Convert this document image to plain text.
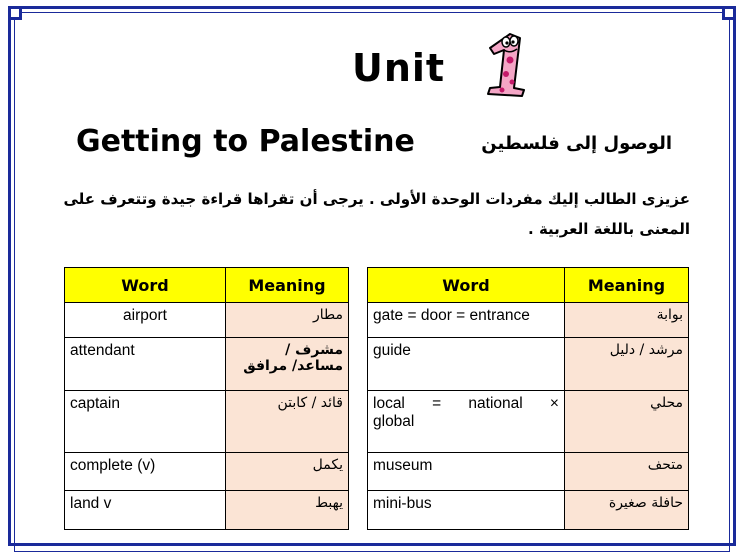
Unit
Getting to Palestine	الوصول إلى فلسطين
عزيزى الطالب إليك مفردات الوحدة الأولى . يرجى أن تقراها قراءة جيدة وتتعرف على المعنى باللغة العربية .
Word	Meaning
airport	مطار
attendant	مشرف / مساعد/ مرافق
captain	قائد / كابتن
complete (v)	يكمل
land v	يهبط
Word	Meaning
gate = door = entrance	بوابة
guide	مرشد / دليل

local = national ×
global	محلي
museum	متحف
mini-bus	حافلة صغيرة
